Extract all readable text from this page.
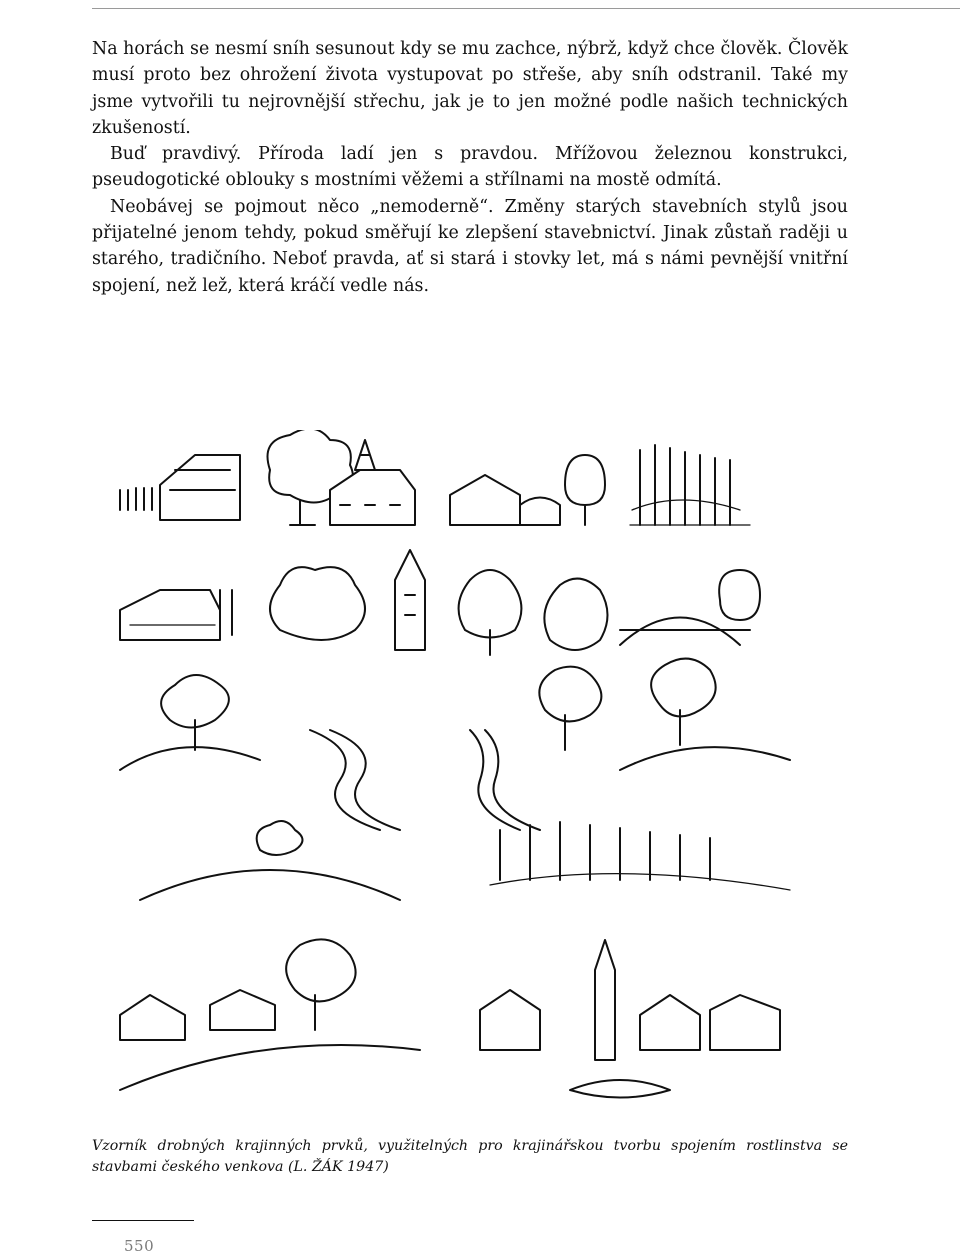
Na horách se nesmí sníh sesunout kdy se mu zachce, nýbrž, když chce člověk. Člověk musí proto bez ohrožení života vystupovat po střeše, aby sníh odstranil. Také my jsme vytvořili tu nejrovnější střechu, jak je to jen možné podle našich technických zkušeností.

Buď pravdivý. Příroda ladí jen s pravdou. Mřížovou železnou konstrukci, pseudogotické oblouky s mostními věžemi a střílnami na mostě odmítá.

Neobávej se pojmout něco „nemoderně“. Změny starých stavebních stylů jsou přijatelné jenom tehdy, pokud směřují ke zlepšení stavebnictví. Jinak zůstaň raději u starého, tradičního. Neboť pravda, ať si stará i stovky let, má s námi pevnější vnitřní spojení, než lež, která kráčí vedle nás.

Vzorník drobných krajinných prvků, využitelných pro krajinářskou tvorbu spojením rostlinstva se stavbami českého venkova (L. ŽÁK 1947)
550
